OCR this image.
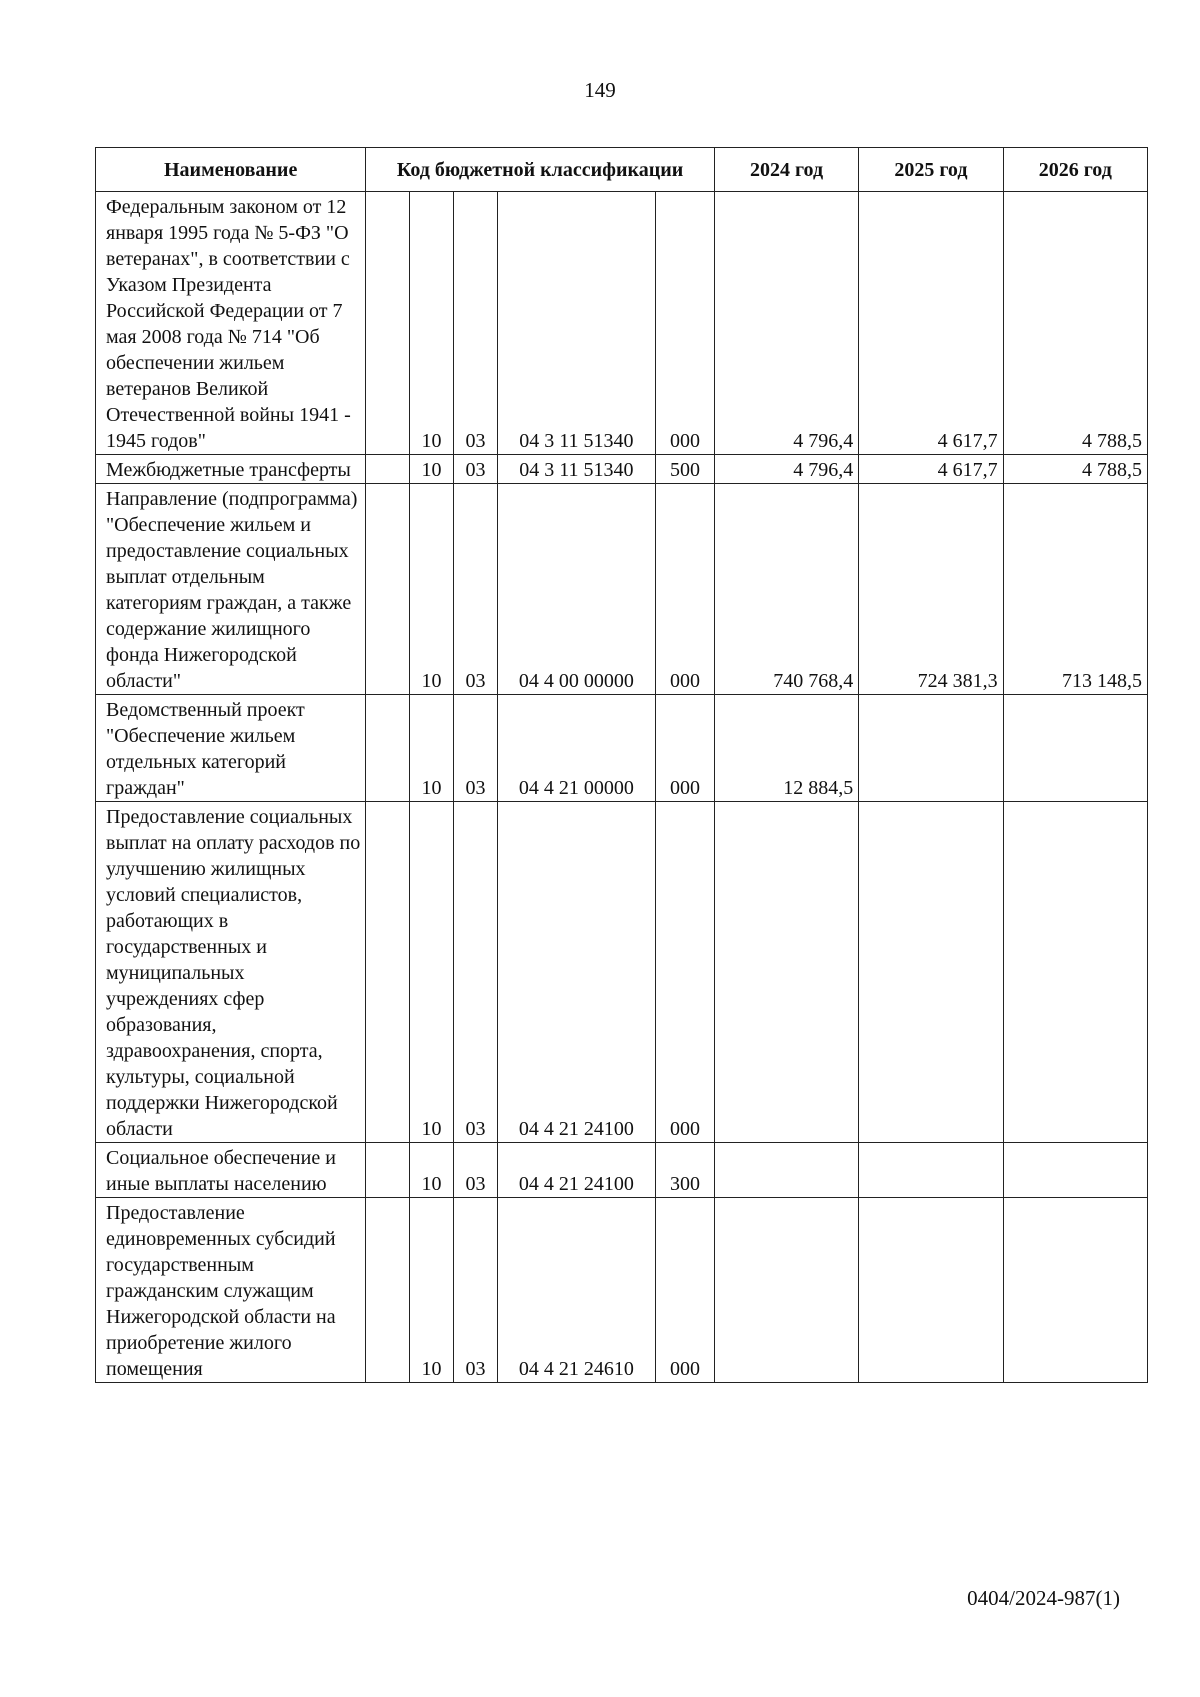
149
Наименование	Код бюджетной классификации					2024 год	2025 год	2026 год
Федеральным законом от 12 января 1995 года № 5-ФЗ "О ветеранах", в соответствии с Указом Президента Российской Федерации от 7 мая 2008 года № 714 "Об обеспечении жильем ветеранов Великой Отечественной войны 1941 - 1945 годов"		10	03	04 3 11 51340	000	4 796,4	4 617,7	4 788,5
Межбюджетные трансферты		10	03	04 3 11 51340	500	4 796,4	4 617,7	4 788,5
Направление (подпрограмма) "Обеспечение жильем и предоставление социальных выплат отдельным категориям граждан, а также содержание жилищного фонда Нижегородской области"		10	03	04 4 00 00000	000	740 768,4	724 381,3	713 148,5
Ведомственный проект "Обеспечение жильем отдельных категорий граждан"		10	03	04 4 21 00000	000	12 884,5		
Предоставление социальных выплат на оплату расходов по улучшению жилищных условий специалистов, работающих в государственных и муниципальных учреждениях сфер образования, здравоохранения, спорта, культуры, социальной поддержки Нижегородской области		10	03	04 4 21 24100	000			
Социальное обеспечение и иные выплаты населению		10	03	04 4 21 24100	300			
Предоставление единовременных субсидий государственным гражданским служащим Нижегородской области на приобретение жилого помещения		10	03	04 4 21 24610	000			
0404/2024-987(1)
